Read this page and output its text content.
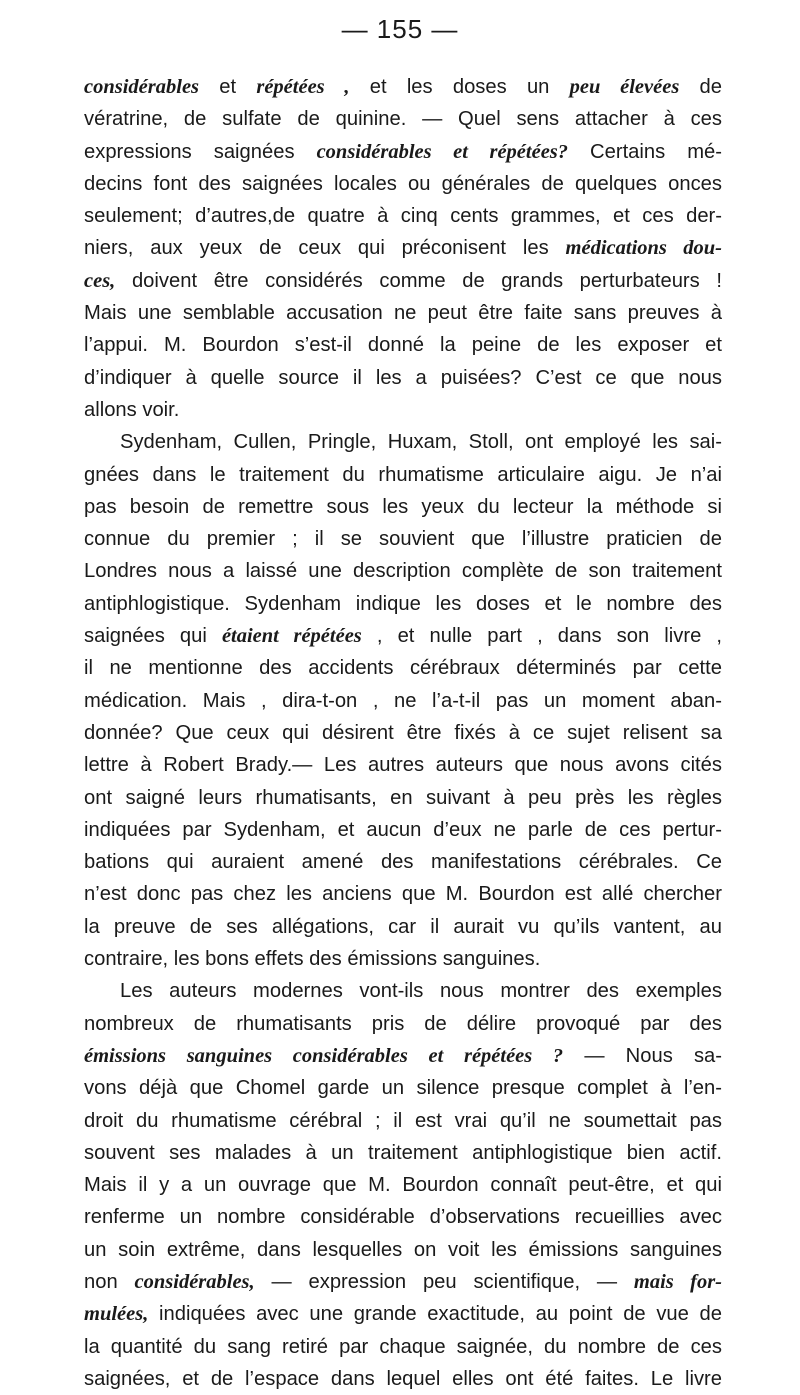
— 155 —
considérables et répétées , et les doses un peu élevées de
vératrine, de sulfate de quinine. — Quel sens attacher à ces
expressions saignées considérables et répétées? Certains mé-
decins font des saignées locales ou générales de quelques onces
seulement; d’autres,de quatre à cinq cents grammes, et ces der-
niers, aux yeux de ceux qui préconisent les médications dou-
ces, doivent être considérés comme de grands perturbateurs !
Mais une semblable accusation ne peut être faite sans preuves à
l’appui. M. Bourdon s’est-il donné la peine de les exposer et
d’indiquer à quelle source il les a puisées? C’est ce que nous
allons voir.
Sydenham, Cullen, Pringle, Huxam, Stoll, ont employé les sai-
gnées dans le traitement du rhumatisme articulaire aigu. Je n’ai
pas besoin de remettre sous les yeux du lecteur la méthode si
connue du premier ; il se souvient que l’illustre praticien de
Londres nous a laissé une description complète de son traitement
antiphlogistique. Sydenham indique les doses et le nombre des
saignées qui étaient répétées , et nulle part , dans son livre ,
il ne mentionne des accidents cérébraux déterminés par cette
médication. Mais , dira-t-on , ne l’a-t-il pas un moment aban-
donnée? Que ceux qui désirent être fixés à ce sujet relisent sa
lettre à Robert Brady.— Les autres auteurs que nous avons cités
ont saigné leurs rhumatisants, en suivant à peu près les règles
indiquées par Sydenham, et aucun d’eux ne parle de ces pertur-
bations qui auraient amené des manifestations cérébrales. Ce
n’est donc pas chez les anciens que M. Bourdon est allé chercher
la preuve de ses allégations, car il aurait vu qu’ils vantent, au
contraire, les bons effets des émissions sanguines.
Les auteurs modernes vont-ils nous montrer des exemples
nombreux de rhumatisants pris de délire provoqué par des
émissions sanguines considérables et répétées ? — Nous sa-
vons déjà que Chomel garde un silence presque complet à l’en-
droit du rhumatisme cérébral ; il est vrai qu’il ne soumettait pas
souvent ses malades à un traitement antiphlogistique bien actif.
Mais il y a un ouvrage que M. Bourdon connaît peut-être, et qui
renferme un nombre considérable d’observations recueillies avec
un soin extrême, dans lesquelles on voit les émissions sanguines
non considérables, — expression peu scientifique, — mais for-
mulées, indiquées avec une grande exactitude, au point de vue de
la quantité du sang retiré par chaque saignée, du nombre de ces
saignées, et de l’espace dans lequel elles ont été faites. Le livre
